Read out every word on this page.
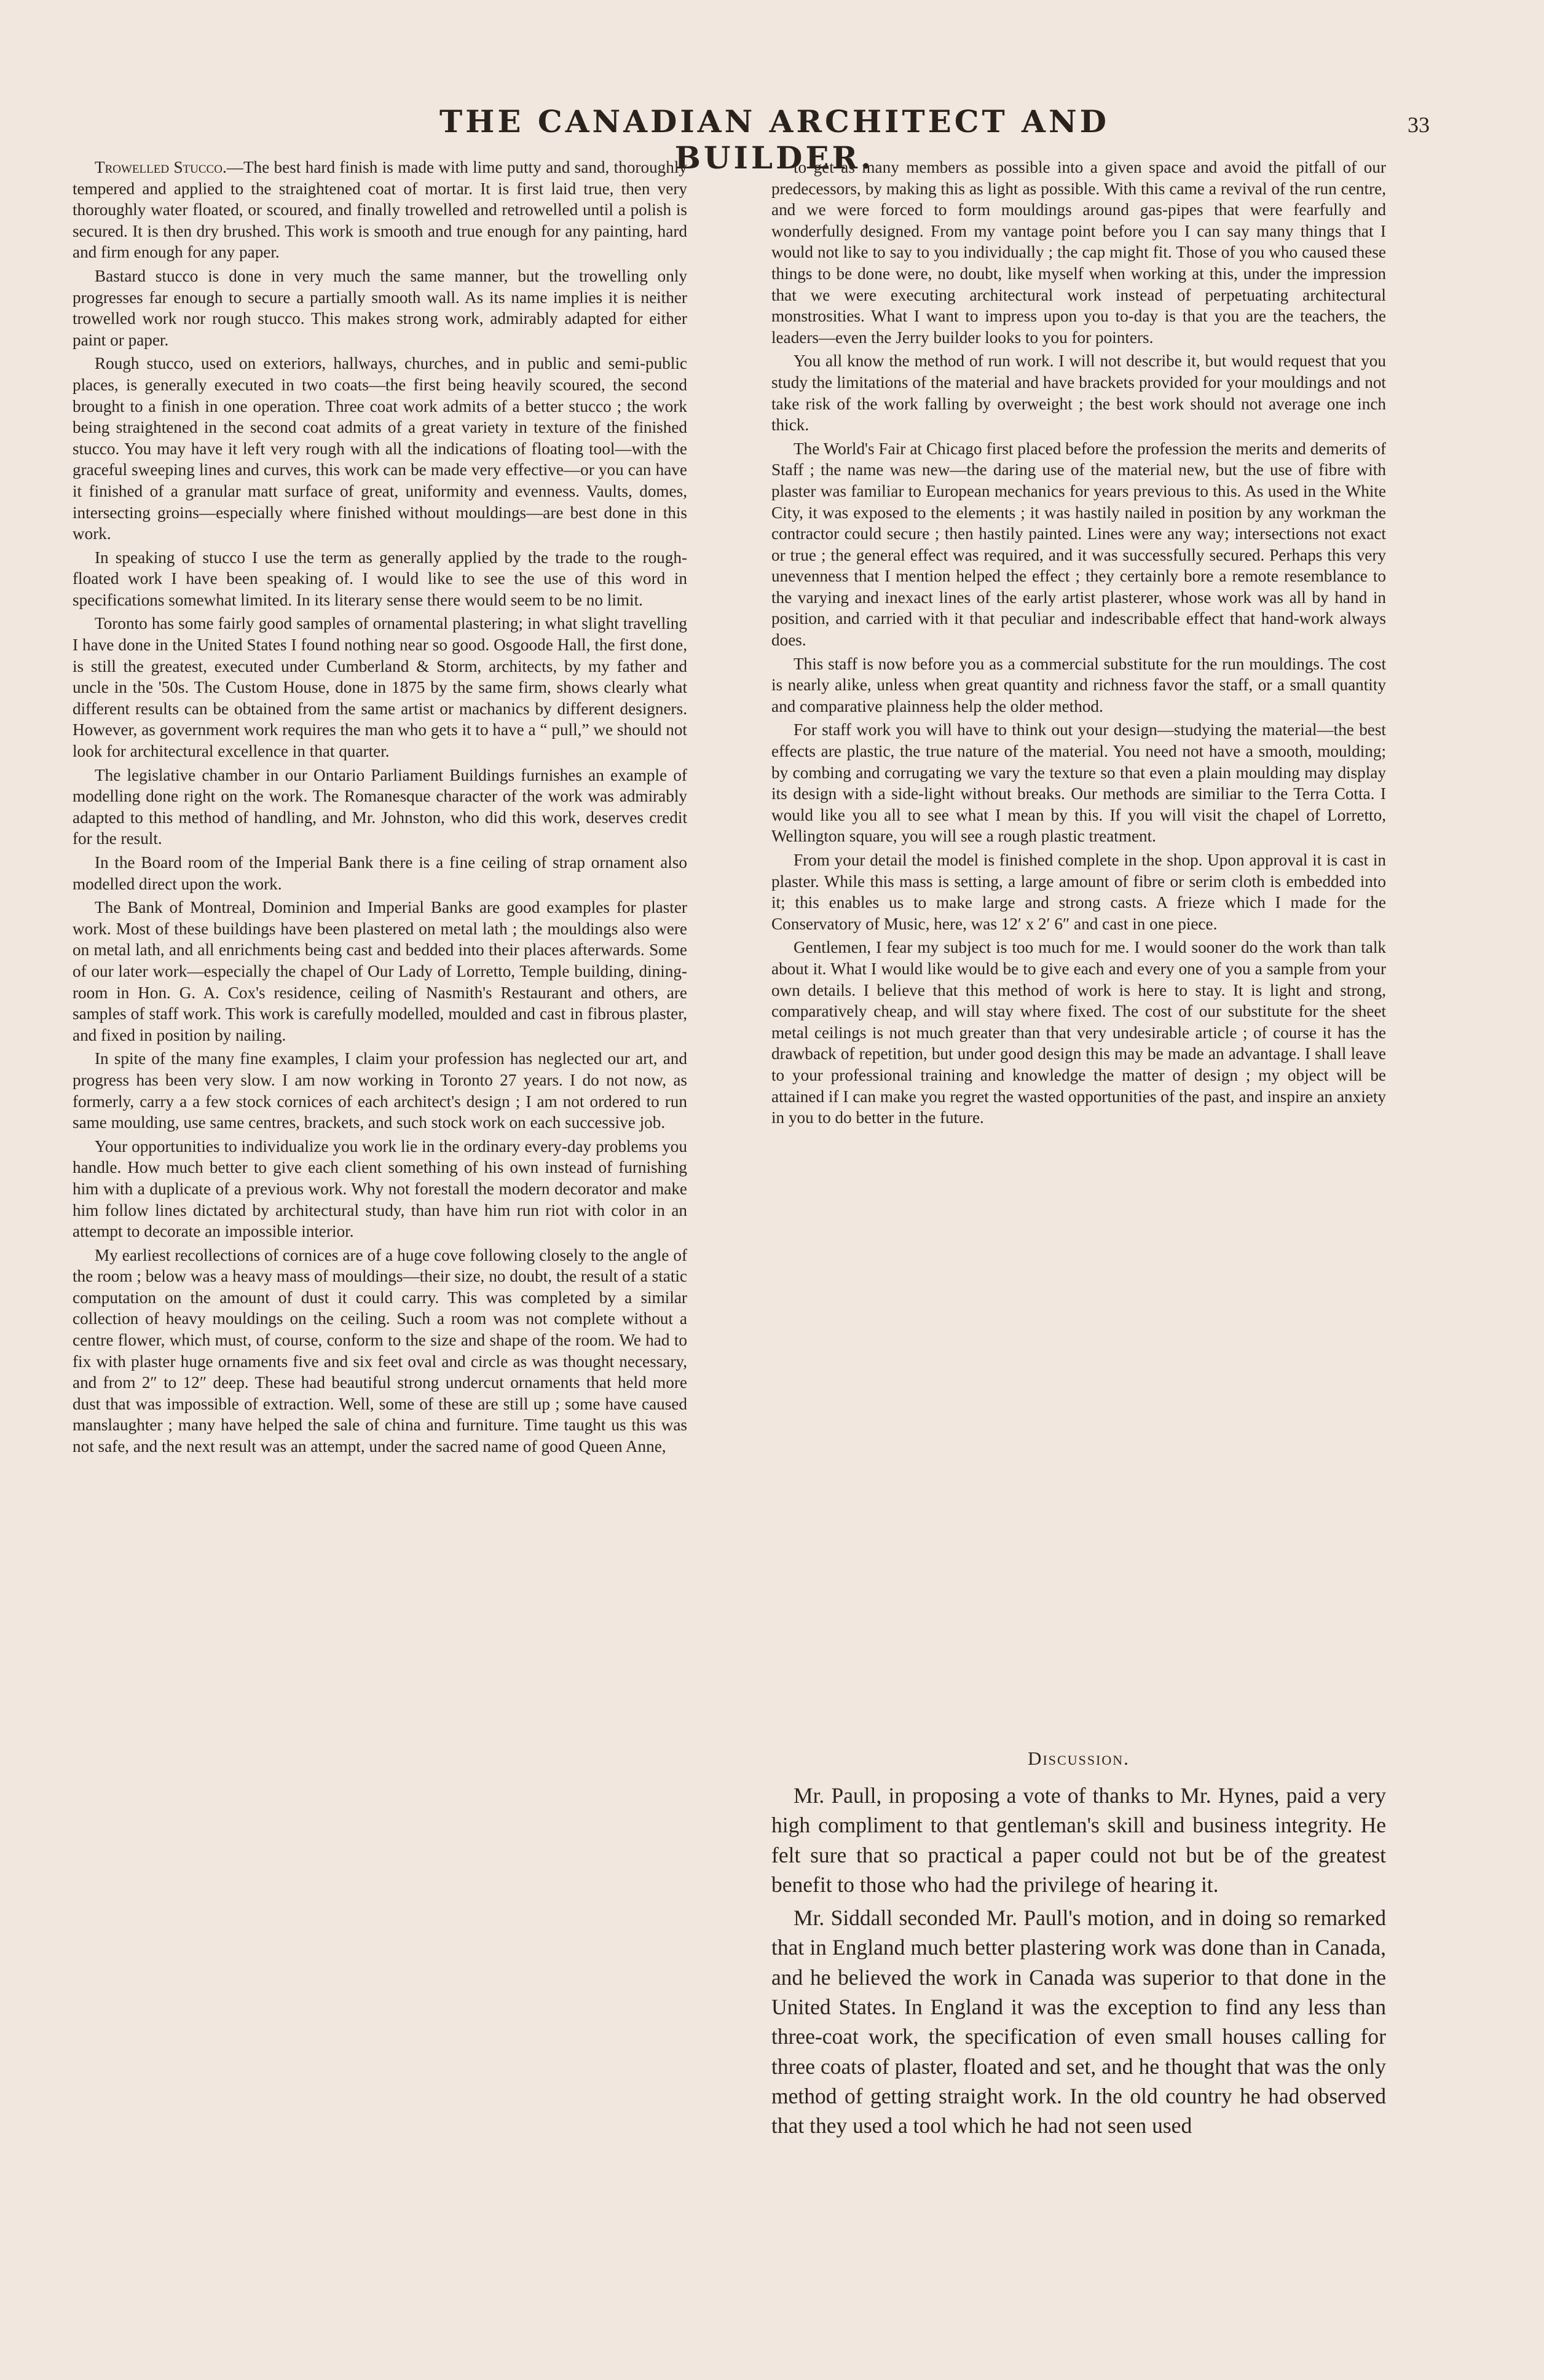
THE CANADIAN ARCHITECT AND BUILDER.
33

Trowelled Stucco.—The best hard finish is made with lime putty and sand, thoroughly tempered and applied to the straightened coat of mortar. It is first laid true, then very thoroughly water floated, or scoured, and finally trowelled and retrowelled until a polish is secured. It is then dry brushed. This work is smooth and true enough for any painting, hard and firm enough for any paper.

Bastard stucco is done in very much the same manner, but the trowelling only progresses far enough to secure a partially smooth wall. As its name implies it is neither trowelled work nor rough stucco. This makes strong work, admirably adapted for either paint or paper.

Rough stucco, used on exteriors, hallways, churches, and in public and semi-public places, is generally executed in two coats—the first being heavily scoured, the second brought to a finish in one operation. Three coat work admits of a better stucco ; the work being straightened in the second coat admits of a great variety in texture of the finished stucco. You may have it left very rough with all the indications of floating tool—with the graceful sweeping lines and curves, this work can be made very effective—or you can have it finished of a granular matt surface of great, uniformity and evenness. Vaults, domes, intersecting groins—especially where finished without mouldings—are best done in this work.

In speaking of stucco I use the term as generally applied by the trade to the rough-floated work I have been speaking of. I would like to see the use of this word in specifications somewhat limited. In its literary sense there would seem to be no limit.

Toronto has some fairly good samples of ornamental plastering; in what slight travelling I have done in the United States I found nothing near so good. Osgoode Hall, the first done, is still the greatest, executed under Cumberland & Storm, architects, by my father and uncle in the '50s. The Custom House, done in 1875 by the same firm, shows clearly what different results can be obtained from the same artist or machanics by different designers. However, as government work requires the man who gets it to have a “ pull,” we should not look for architectural excellence in that quarter.

The legislative chamber in our Ontario Parliament Buildings furnishes an example of modelling done right on the work. The Romanesque character of the work was admirably adapted to this method of handling, and Mr. Johnston, who did this work, deserves credit for the result.

In the Board room of the Imperial Bank there is a fine ceiling of strap ornament also modelled direct upon the work.

The Bank of Montreal, Dominion and Imperial Banks are good examples for plaster work. Most of these buildings have been plastered on metal lath ; the mouldings also were on metal lath, and all enrichments being cast and bedded into their places afterwards. Some of our later work—especially the chapel of Our Lady of Lorretto, Temple building, dining-room in Hon. G. A. Cox's residence, ceiling of Nasmith's Restaurant and others, are samples of staff work. This work is carefully modelled, moulded and cast in fibrous plaster, and fixed in position by nailing.

In spite of the many fine examples, I claim your profession has neglected our art, and progress has been very slow. I am now working in Toronto 27 years. I do not now, as formerly, carry a a few stock cornices of each architect's design ; I am not ordered to run same moulding, use same centres, brackets, and such stock work on each successive job.

Your opportunities to individualize you work lie in the ordinary every-day problems you handle. How much better to give each client something of his own instead of furnishing him with a duplicate of a previous work. Why not forestall the modern decorator and make him follow lines dictated by architectural study, than have him run riot with color in an attempt to decorate an impossible interior.

My earliest recollections of cornices are of a huge cove following closely to the angle of the room ; below was a heavy mass of mouldings—their size, no doubt, the result of a static computation on the amount of dust it could carry. This was completed by a similar collection of heavy mouldings on the ceiling. Such a room was not complete without a centre flower, which must, of course, conform to the size and shape of the room. We had to fix with plaster huge ornaments five and six feet oval and circle as was thought necessary, and from 2″ to 12″ deep. These had beautiful strong undercut ornaments that held more dust that was impossible of extraction. Well, some of these are still up ; some have caused manslaughter ; many have helped the sale of china and furniture. Time taught us this was not safe, and the next result was an attempt, under the sacred name of good Queen Anne,

to get as many members as possible into a given space and avoid the pitfall of our predecessors, by making this as light as possible. With this came a revival of the run centre, and we were forced to form mouldings around gas-pipes that were fearfully and wonderfully designed. From my vantage point before you I can say many things that I would not like to say to you individually ; the cap might fit. Those of you who caused these things to be done were, no doubt, like myself when working at this, under the impression that we were executing architectural work instead of perpetuating architectural monstrosities. What I want to impress upon you to-day is that you are the teachers, the leaders—even the Jerry builder looks to you for pointers.

You all know the method of run work. I will not describe it, but would request that you study the limitations of the material and have brackets provided for your mouldings and not take risk of the work falling by overweight ; the best work should not average one inch thick.

The World's Fair at Chicago first placed before the profession the merits and demerits of Staff ; the name was new—the daring use of the material new, but the use of fibre with plaster was familiar to European mechanics for years previous to this. As used in the White City, it was exposed to the elements ; it was hastily nailed in position by any workman the contractor could secure ; then hastily painted. Lines were any way; intersections not exact or true ; the general effect was required, and it was successfully secured. Perhaps this very unevenness that I mention helped the effect ; they certainly bore a remote resemblance to the varying and inexact lines of the early artist plasterer, whose work was all by hand in position, and carried with it that peculiar and indescribable effect that hand-work always does.

This staff is now before you as a commercial substitute for the run mouldings. The cost is nearly alike, unless when great quantity and richness favor the staff, or a small quantity and comparative plainness help the older method.

For staff work you will have to think out your design—studying the material—the best effects are plastic, the true nature of the material. You need not have a smooth, moulding; by combing and corrugating we vary the texture so that even a plain moulding may display its design with a side-light without breaks. Our methods are similiar to the Terra Cotta. I would like you all to see what I mean by this. If you will visit the chapel of Lorretto, Wellington square, you will see a rough plastic treatment.

From your detail the model is finished complete in the shop. Upon approval it is cast in plaster. While this mass is setting, a large amount of fibre or serim cloth is embedded into it; this enables us to make large and strong casts. A frieze which I made for the Conservatory of Music, here, was 12′ x 2′ 6″ and cast in one piece.

Gentlemen, I fear my subject is too much for me. I would sooner do the work than talk about it. What I would like would be to give each and every one of you a sample from your own details. I believe that this method of work is here to stay. It is light and strong, comparatively cheap, and will stay where fixed. The cost of our substitute for the sheet metal ceilings is not much greater than that very undesirable article ; of course it has the drawback of repetition, but under good design this may be made an advantage. I shall leave to your professional training and knowledge the matter of design ; my object will be attained if I can make you regret the wasted opportunities of the past, and inspire an anxiety in you to do better in the future.

Discussion.

Mr. Paull, in proposing a vote of thanks to Mr. Hynes, paid a very high compliment to that gentleman's skill and business integrity. He felt sure that so practical a paper could not but be of the greatest benefit to those who had the privilege of hearing it.

Mr. Siddall seconded Mr. Paull's motion, and in doing so remarked that in England much better plastering work was done than in Canada, and he believed the work in Canada was superior to that done in the United States. In England it was the exception to find any less than three-coat work, the specification of even small houses calling for three coats of plaster, floated and set, and he thought that was the only method of getting straight work. In the old country he had observed that they used a tool which he had not seen used
